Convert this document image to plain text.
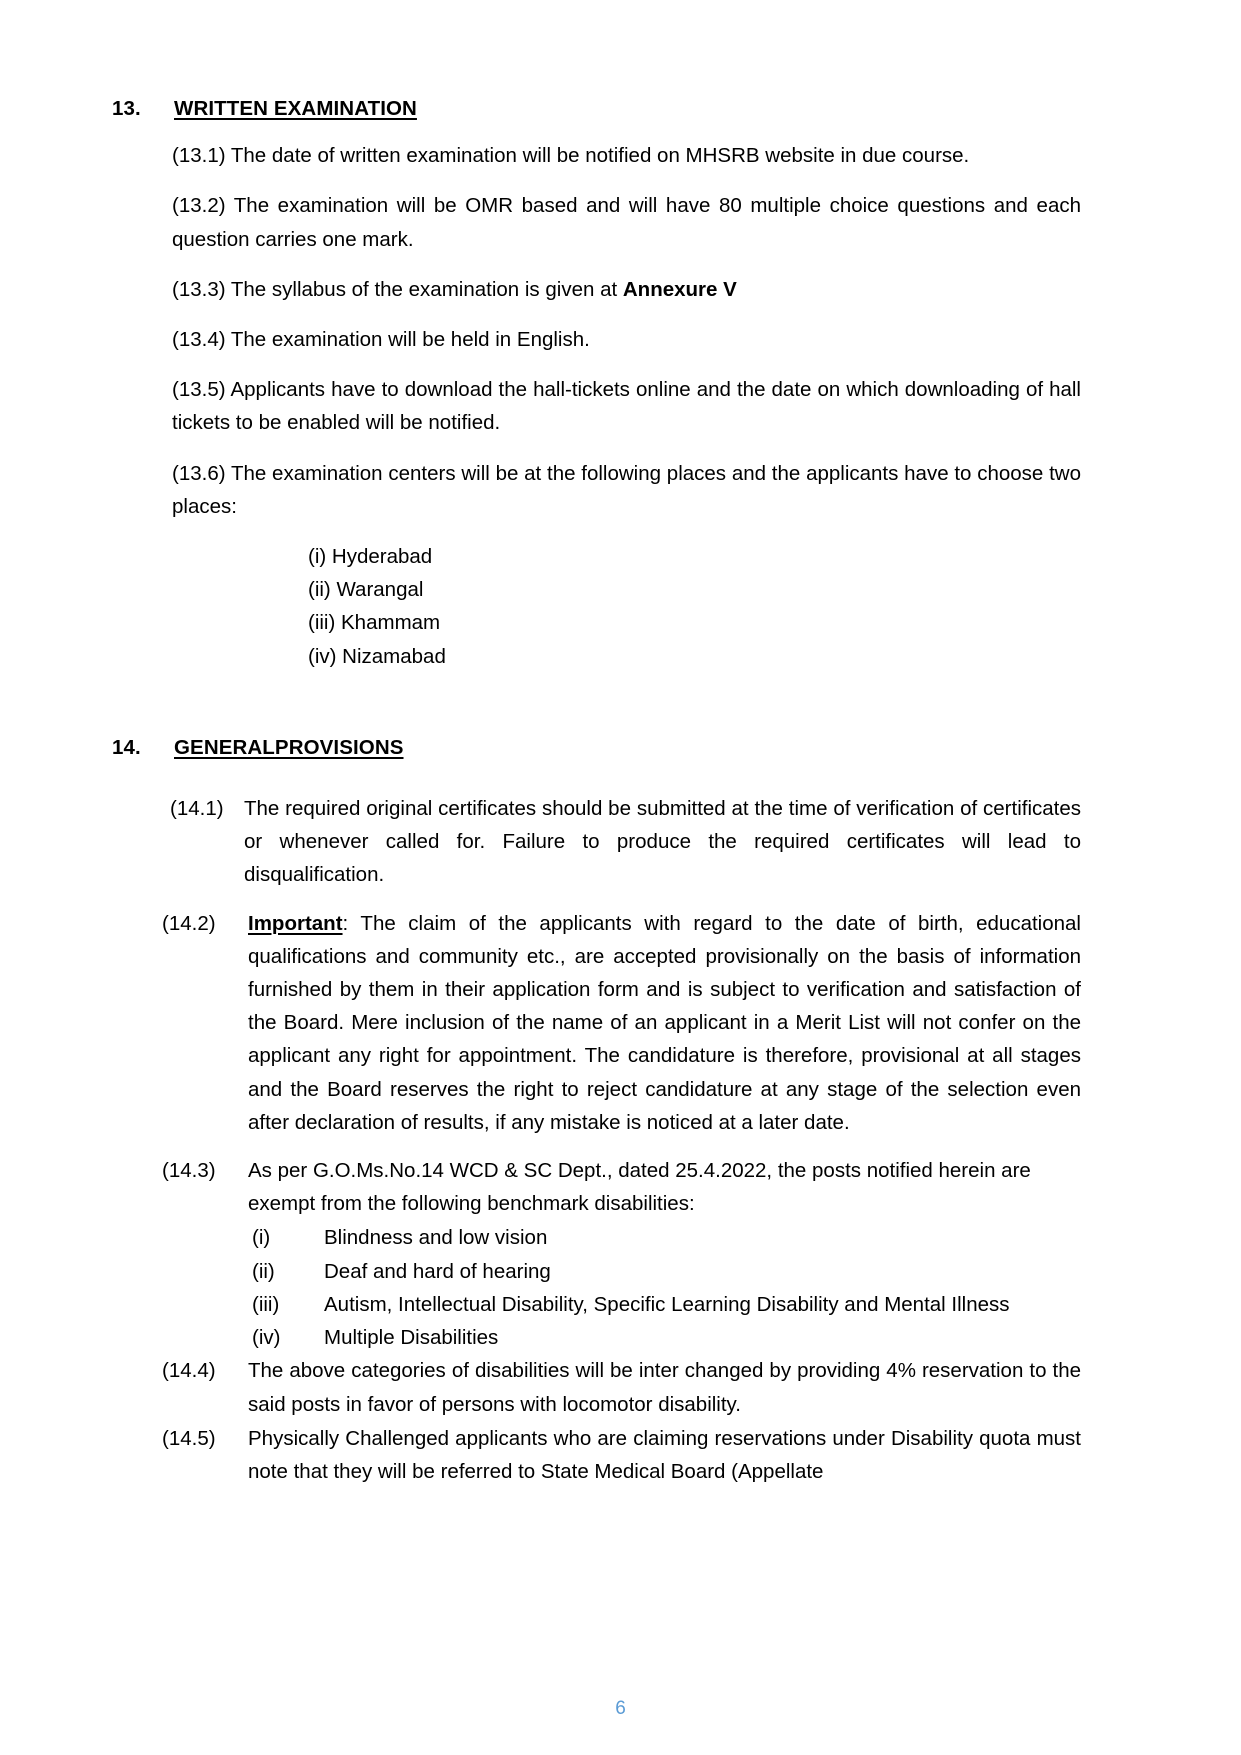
13.	WRITTEN EXAMINATION

(13.1) The date of written examination will be notified on MHSRB website in due course.

(13.2) The examination will be OMR based and will have 80 multiple choice questions and each question carries one mark.

(13.3) The syllabus of the examination is given at Annexure V

(13.4) The examination will be held in English.

(13.5) Applicants have to download the hall-tickets online and the date on which downloading of hall tickets to be enabled will be notified.

(13.6) The examination centers will be at the following places and the applicants have to choose two places:

(i) Hyderabad
(ii) Warangal
(iii) Khammam
(iv) Nizamabad
14.	GENERALPROVISIONS
(14.1) The required original certificates should be submitted at the time of verification of certificates or whenever called for. Failure to produce the required certificates will lead to disqualification.
(14.2)	Important: The claim of the applicants with regard to the date of birth, educational qualifications and community etc., are accepted provisionally on the basis of information furnished by them in their application form and is subject to verification and satisfaction of the Board. Mere inclusion of the name of an applicant in a Merit List will not confer on the applicant any right for appointment. The candidature is therefore, provisional at all stages and the Board reserves the right to reject candidature at any stage of the selection even after declaration of results, if any mistake is noticed at a later date.
(14.3)	As per G.O.Ms.No.14 WCD & SC Dept., dated 25.4.2022, the posts notified herein are exempt from the following benchmark disabilities:
(i)	Blindness and low vision
(ii)	Deaf and hard of hearing
(iii)	Autism, Intellectual Disability, Specific Learning Disability and Mental Illness
(iv)	Multiple Disabilities
(14.4)	The above categories of disabilities will be inter changed by providing 4% reservation to the said posts in favor of persons with locomotor disability.
(14.5)	Physically Challenged applicants who are claiming reservations under Disability quota must note that they will be referred to State Medical Board (Appellate
6
